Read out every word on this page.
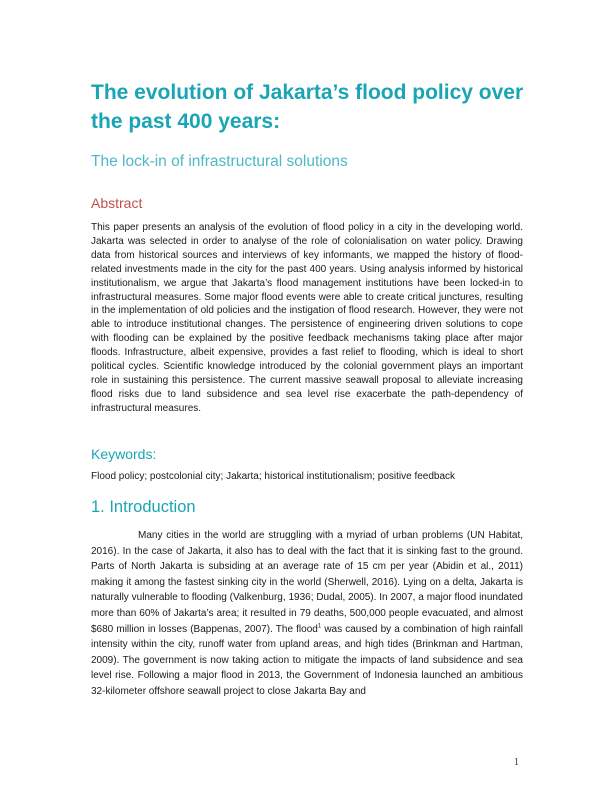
The evolution of Jakarta’s flood policy over the past 400 years:
The lock-in of infrastructural solutions
Abstract

This paper presents an analysis of the evolution of flood policy in a city in the developing world. Jakarta was selected in order to analyse of the role of colonialisation on water policy. Drawing data from historical sources and interviews of key informants, we mapped the history of flood-related investments made in the city for the past 400 years. Using analysis informed by historical institutionalism, we argue that Jakarta’s flood management institutions have been locked-in to infrastructural measures. Some major flood events were able to create critical junctures, resulting in the implementation of old policies and the instigation of flood research. However, they were not able to introduce institutional changes. The persistence of engineering driven solutions to cope with flooding can be explained by the positive feedback mechanisms taking place after major floods. Infrastructure, albeit expensive, provides a fast relief to flooding, which is ideal to short political cycles. Scientific knowledge introduced by the colonial government plays an important role in sustaining this persistence. The current massive seawall proposal to alleviate increasing flood risks due to land subsidence and sea level rise exacerbate the path-dependency of infrastructural measures.

Keywords:

Flood policy; postcolonial city; Jakarta; historical institutionalism; positive feedback

1. Introduction

Many cities in the world are struggling with a myriad of urban problems (UN Habitat, 2016). In the case of Jakarta, it also has to deal with the fact that it is sinking fast to the ground. Parts of North Jakarta is subsiding at an average rate of 15 cm per year (Abidin et al., 2011) making it among the fastest sinking city in the world (Sherwell, 2016). Lying on a delta, Jakarta is naturally vulnerable to flooding (Valkenburg, 1936; Dudal, 2005). In 2007, a major flood inundated more than 60% of Jakarta’s area; it resulted in 79 deaths, 500,000 people evacuated, and almost $680 million in losses (Bappenas, 2007). The flood$^1$ was caused by a combination of high rainfall intensity within the city, runoff water from upland areas, and high tides (Brinkman and Hartman, 2009). The government is now taking action to mitigate the impacts of land subsidence and sea level rise. Following a major flood in 2013, the Government of Indonesia launched an ambitious 32-kilometer offshore seawall project to close Jakarta Bay and

1
